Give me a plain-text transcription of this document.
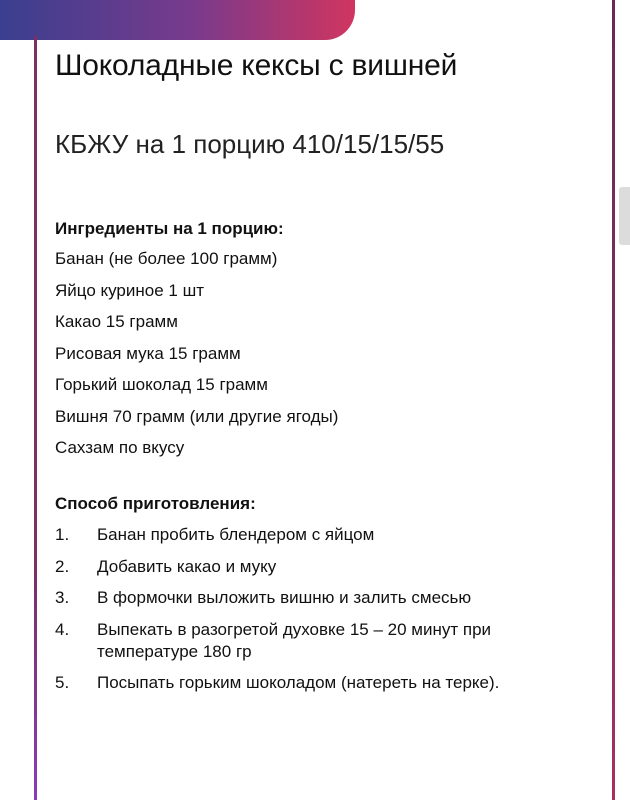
Шоколадные кексы с вишней
КБЖУ на 1 порцию 410/15/15/55

Ингредиенты на 1 порцию:

Банан (не более 100 грамм)
Яйцо куриное 1 шт
Какао 15 грамм
Рисовая мука 15 грамм
Горький шоколад 15 грамм
Вишня 70 грамм (или другие ягоды)
Сахзам по вкусу

Способ приготовления:

1.	Банан пробить блендером с яйцом
2.	Добавить какао и муку
3.	В формочки выложить вишню и залить смесью
4.	Выпекать в разогретой духовке 15 – 20 минут при температуре 180 гр
5.	Посыпать горьким шоколадом (натереть на терке).
